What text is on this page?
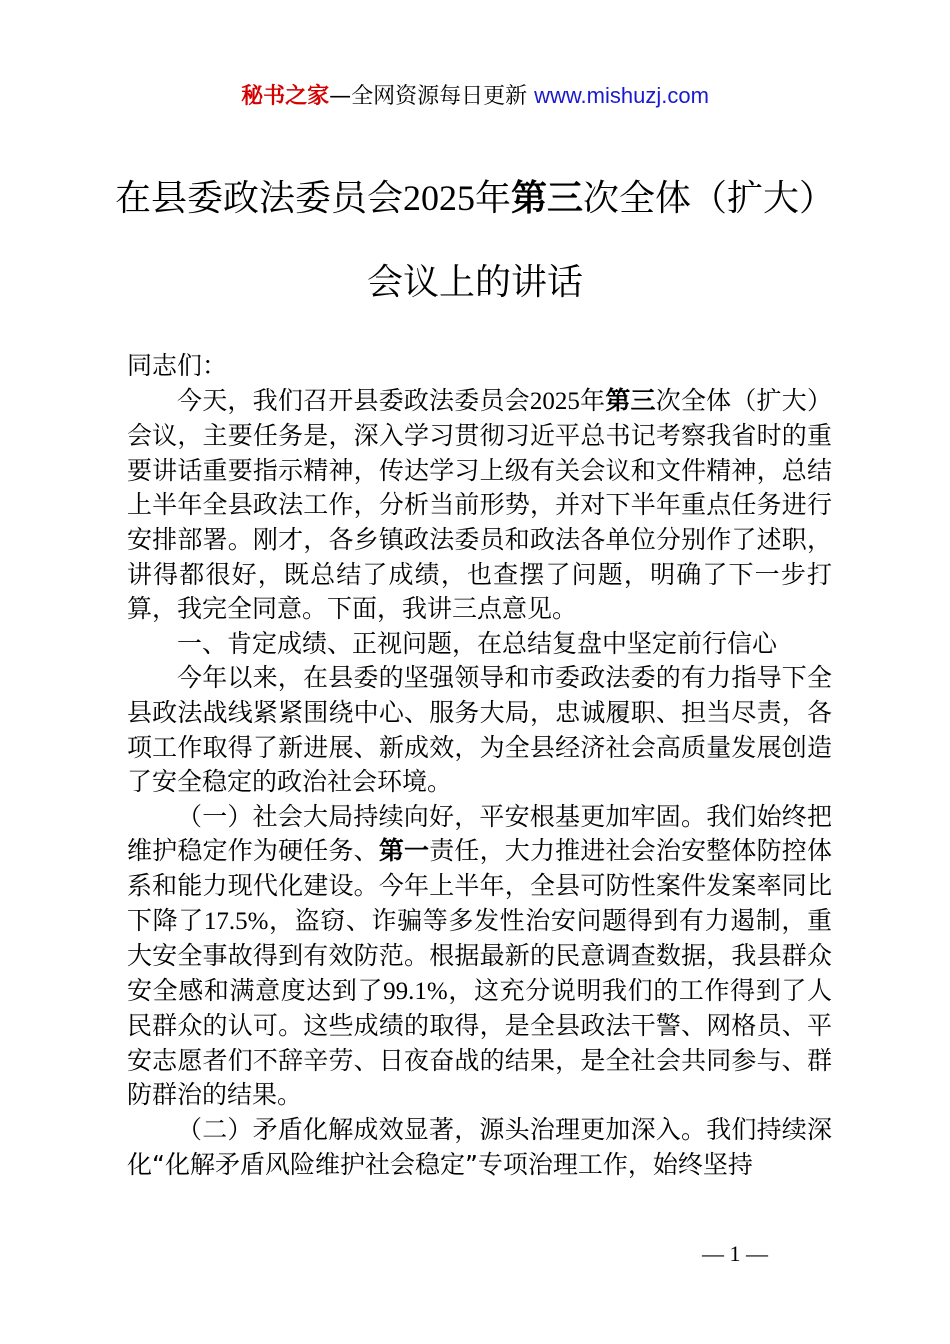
秘书之家—全网资源每日更新 www.mishuzj.com
在县委政法委员会2025年第三次全体（扩大）会议上的讲话

同志们：

今天，我们召开县委政法委员会2025年第三次全体（扩大）会议，主要任务是，深入学习贯彻习近平总书记考察我省时的重要讲话重要指示精神，传达学习上级有关会议和文件精神，总结上半年全县政法工作，分析当前形势，并对下半年重点任务进行安排部署。刚才，各乡镇政法委员和政法各单位分别作了述职，讲得都很好，既总结了成绩，也查摆了问题，明确了下一步打算，我完全同意。下面，我讲三点意见。

一、肯定成绩、正视问题，在总结复盘中坚定前行信心

今年以来，在县委的坚强领导和市委政法委的有力指导下全县政法战线紧紧围绕中心、服务大局，忠诚履职、担当尽责，各项工作取得了新进展、新成效，为全县经济社会高质量发展创造了安全稳定的政治社会环境。

（一）社会大局持续向好，平安根基更加牢固。我们始终把维护稳定作为硬任务、第一责任，大力推进社会治安整体防控体系和能力现代化建设。今年上半年，全县可防性案件发案率同比下降了17.5%，盗窃、诈骗等多发性治安问题得到有力遏制，重大安全事故得到有效防范。根据最新的民意调查数据，我县群众安全感和满意度达到了99.1%，这充分说明我们的工作得到了人民群众的认可。这些成绩的取得，是全县政法干警、网格员、平安志愿者们不辞辛劳、日夜奋战的结果，是全社会共同参与、群防群治的结果。

（二）矛盾化解成效显著，源头治理更加深入。我们持续深化“化解矛盾风险维护社会稳定”专项治理工作，始终坚持

— 1 —
